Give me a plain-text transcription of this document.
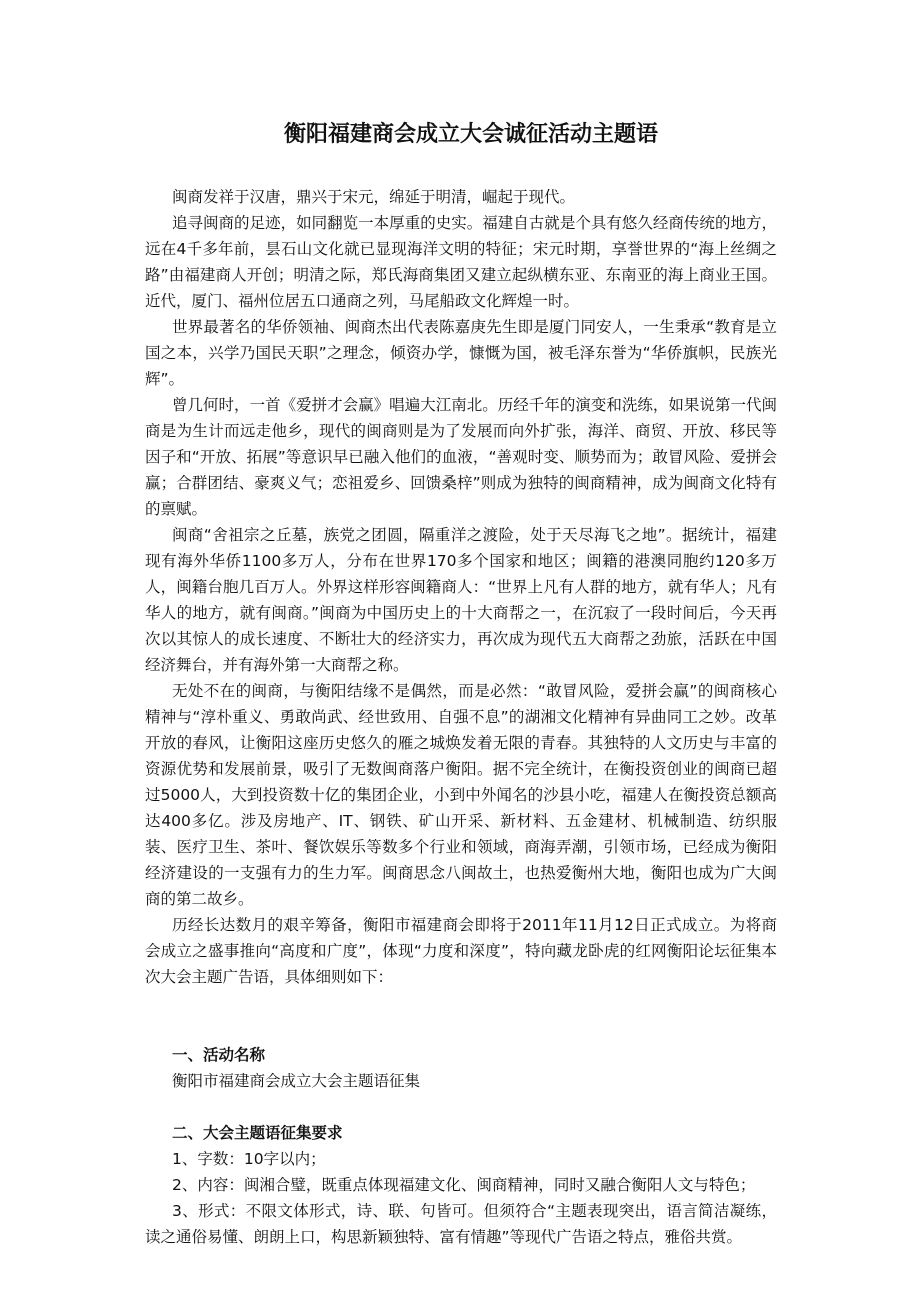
衡阳福建商会成立大会诚征活动主题语

闽商发祥于汉唐，鼎兴于宋元，绵延于明清，崛起于现代。

追寻闽商的足迹，如同翻览一本厚重的史实。福建自古就是个具有悠久经商传统的地方，远在4千多年前，昙石山文化就已显现海洋文明的特征；宋元时期，享誉世界的“海上丝绸之路”由福建商人开创；明清之际，郑氏海商集团又建立起纵横东亚、东南亚的海上商业王国。近代，厦门、福州位居五口通商之列，马尾船政文化辉煌一时。

世界最著名的华侨领袖、闽商杰出代表陈嘉庚先生即是厦门同安人，一生秉承“教育是立国之本，兴学乃国民天职”之理念，倾资办学，慷慨为国，被毛泽东誉为“华侨旗帜，民族光辉”。

曾几何时，一首《爱拼才会赢》唱遍大江南北。历经千年的演变和洗练，如果说第一代闽商是为生计而远走他乡，现代的闽商则是为了发展而向外扩张，海洋、商贸、开放、移民等因子和“开放、拓展”等意识早已融入他们的血液，“善观时变、顺势而为；敢冒风险、爱拼会赢；合群团结、豪爽义气；恋祖爱乡、回馈桑梓”则成为独特的闽商精神，成为闽商文化特有的禀赋。

闽商“舍祖宗之丘墓，族党之团圆，隔重洋之渡险，处于天尽海飞之地”。据统计，福建现有海外华侨1100多万人，分布在世界170多个国家和地区；闽籍的港澳同胞约120多万人，闽籍台胞几百万人。外界这样形容闽籍商人：“世界上凡有人群的地方，就有华人；凡有华人的地方，就有闽商。”闽商为中国历史上的十大商帮之一，在沉寂了一段时间后，今天再次以其惊人的成长速度、不断壮大的经济实力，再次成为现代五大商帮之劲旅，活跃在中国经济舞台，并有海外第一大商帮之称。

无处不在的闽商，与衡阳结缘不是偶然，而是必然：“敢冒风险，爱拼会赢”的闽商核心精神与“淳朴重义、勇敢尚武、经世致用、自强不息”的湖湘文化精神有异曲同工之妙。改革开放的春风，让衡阳这座历史悠久的雁之城焕发着无限的青春。其独特的人文历史与丰富的资源优势和发展前景，吸引了无数闽商落户衡阳。据不完全统计，在衡投资创业的闽商已超过5000人，大到投资数十亿的集团企业，小到中外闻名的沙县小吃，福建人在衡投资总额高达400多亿。涉及房地产、IT、钢铁、矿山开采、新材料、五金建材、机械制造、纺织服装、医疗卫生、茶叶、餐饮娱乐等数多个行业和领域，商海弄潮，引领市场，已经成为衡阳经济建设的一支强有力的生力军。闽商思念八闽故土，也热爱衡州大地，衡阳也成为广大闽商的第二故乡。

历经长达数月的艰辛筹备，衡阳市福建商会即将于2011年11月12日正式成立。为将商会成立之盛事推向“高度和广度”，体现“力度和深度”，特向藏龙卧虎的红网衡阳论坛征集本次大会主题广告语，具体细则如下：

一、活动名称

衡阳市福建商会成立大会主题语征集

二、大会主题语征集要求

1、字数：10字以内；

2、内容：闽湘合璧，既重点体现福建文化、闽商精神，同时又融合衡阳人文与特色；

3、形式：不限文体形式，诗、联、句皆可。但须符合“主题表现突出，语言简洁凝练，读之通俗易懂、朗朗上口，构思新颖独特、富有情趣”等现代广告语之特点，雅俗共赏。
